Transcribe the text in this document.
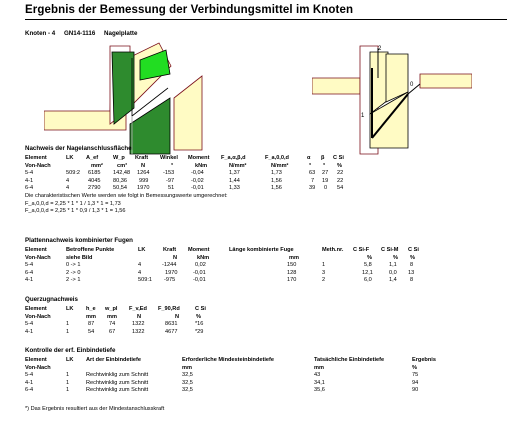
Ergebnis der Bemessung der Verbindungsmittel im Knoten
Knoten - 4 GN14-1116 Nagelplatte
2
0
1
Nachweis der Nagelanschlussfläche
Element	LK A_ef	W_p Kraft Winkel Moment F_a,α,β,d	F_a,0,0,d	α β C Si
Von-Nach	mm²	cm³	N	°	kNm	N/mm²	N/mm²	° ° %
5-4	509:2 6185 142,48 1264 -153	-0,04	1,37	1,73	63 27 22
4-1	4	4045 80,36 999	-97	-0,02	1,44	1,56	7 19 22
6-4	4	2790 50,54 1970	51	-0,01	1,33	1,56	39 0 54
Die charakteristischen Werte werden wie folgt in Bemessungswerte umgerechnet:
F_a,0,0,d = 2,25 * 1 * 1 / 1,3 * 1 = 1,73
F_a,0,0,d = 2,25 * 1 * 0,9 / 1,3 * 1 = 1,56
Plattennachweis kombinierter Fugen
Element	Betroffene Punkte	LK	Kraft Moment	Länge kombinierte Fuge	Meth.nr. C Si-F C Si-M C Si
Von-Nach	siehe Bild	N	kNm	mm	%	% %
5-4	0 -> 1	4	-1244	0,02	150	1	5,8	1,1 8
6-4	2 -> 0	4	1970	-0,01	128	3	12,1	0,0 13
4-1	2 -> 1	509:1 -975	-0,01	170	2	6,0	1,4 8
Querzugnachweis
Element	LK h_e w_pl F_v,Ed F_90,Rd	C Si
Von-Nach	mm mm	N	N	%
5-4	1	87	74	1322	8631	*16
4-1	1	54	67	1322	4677	*29
Kontrolle der erf. Einbindetiefe
Element	LK Art der Einbindetiefe	Erforderliche Mindesteinbindetiefe	Tatsächliche Einbindetiefe	Ergebnis
Von-Nach	mm	mm	%
5-4	1	Rechtwinklig zum Schnitt	32,5	43	75
4-1	1	Rechtwinklig zum Schnitt	32,5	34,1	94
6-4	1	Rechtwinklig zum Schnitt	32,5	35,6	90
*) Das Ergebnis resultiert aus der Mindestanschlusskraft
